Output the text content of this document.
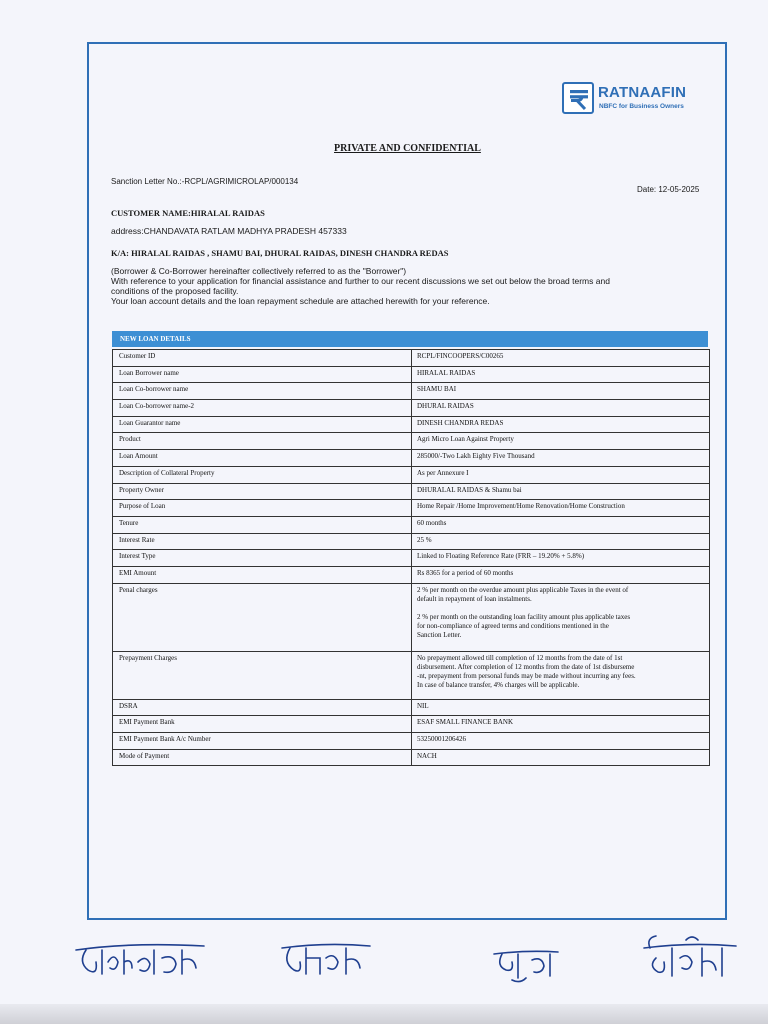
RATNAAFIN
NBFC for Business Owners
PRIVATE AND CONFIDENTIAL
Sanction Letter No.:-RCPL/AGRIMICROLAP/000134
Date: 12-05-2025
CUSTOMER NAME:HIRALAL RAIDAS
address:CHANDAVATA RATLAM MADHYA PRADESH 457333
K/A: HIRALAL RAIDAS , SHAMU BAI, DHURAL RAIDAS, DINESH CHANDRA REDAS
(Borrower & Co-Borrower hereinafter collectively referred to as the "Borrower")
With reference to your application for financial assistance and further to our recent discussions we set out below the broad terms and
conditions of the proposed facility.
Your loan account details and the loan repayment schedule are attached herewith for your reference.
NEW LOAN DETAILS
Customer ID	RCPL/FINCOOPERS/C00265
Loan Borrower name	HIRALAL RAIDAS
Loan Co-borrower name	SHAMU BAI
Loan Co-borrower name-2	DHURAL RAIDAS
Loan Guarantor name	DINESH CHANDRA REDAS
Product	Agri Micro Loan Against Property
Loan Amount	285000/-Two Lakh Eighty Five Thousand
Description of Collateral Property	As per Annexure I
Property Owner	DHURALAL RAIDAS & Shamu bai
Purpose of Loan	Home Repair /Home Improvement/Home Renovation/Home Construction
Tenure	60 months
Interest Rate	25 %
Interest Type	Linked to Floating Reference Rate (FRR – 19.20% + 5.8%)
EMI Amount	Rs 8365 for a period of 60 months
Penal charges	2 % per month on the overdue amount plus applicable Taxes in the event of
default in repayment of loan instalments.
2 % per month on the outstanding loan facility amount plus applicable taxes
for non-compliance of agreed terms and conditions mentioned in the
Sanction Letter.

Prepayment Charges	No prepayment allowed till completion of 12 months from the date of 1st
disbursement. After completion of 12 months from the date of 1st disburseme
-nt, prepayment from personal funds may be made without incurring any fees.
In case of balance transfer, 4% charges will be applicable.

DSRA	NIL
EMI Payment Bank	ESAF SMALL FINANCE BANK
EMI Payment Bank A/c Number	53250001206426
Mode of Payment	NACH
